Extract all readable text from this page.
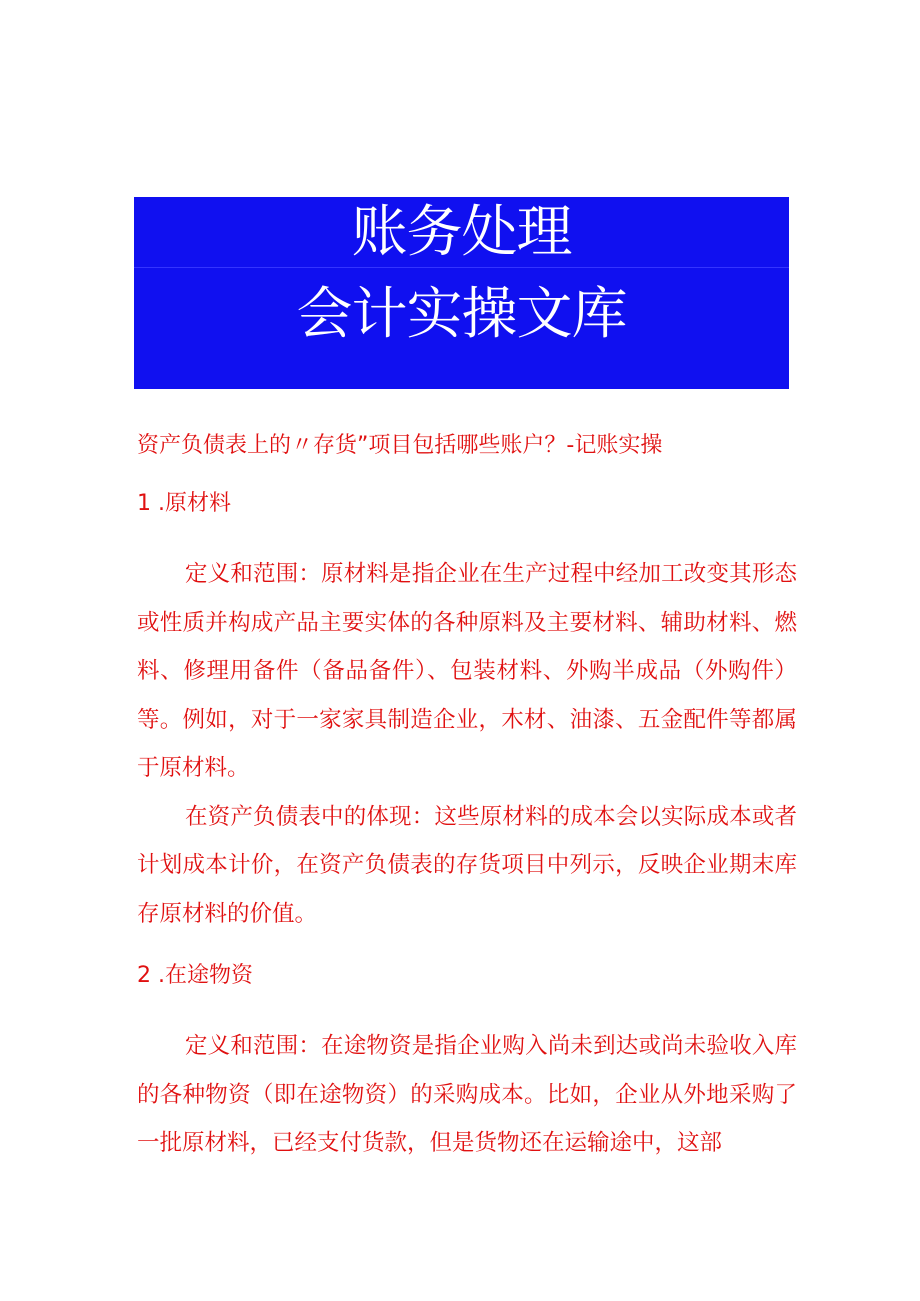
账务处理
会计实操文库

资产负债表上的〃存货”项目包括哪些账户？-记账实操

1 .原材料

定义和范围：原材料是指企业在生产过程中经加工改变其形态或性质并构成产品主要实体的各种原料及主要材料、辅助材料、燃料、修理用备件（备品备件）、包装材料、外购半成品（外购件）等。例如，对于一家家具制造企业，木材、油漆、五金配件等都属于原材料。

在资产负债表中的体现：这些原材料的成本会以实际成本或者计划成本计价，在资产负债表的存货项目中列示，反映企业期末库存原材料的价值。

2 .在途物资

定义和范围：在途物资是指企业购入尚未到达或尚未验收入库的各种物资（即在途物资）的采购成本。比如，企业从外地采购了一批原材料，已经支付货款，但是货物还在运输途中，这部
